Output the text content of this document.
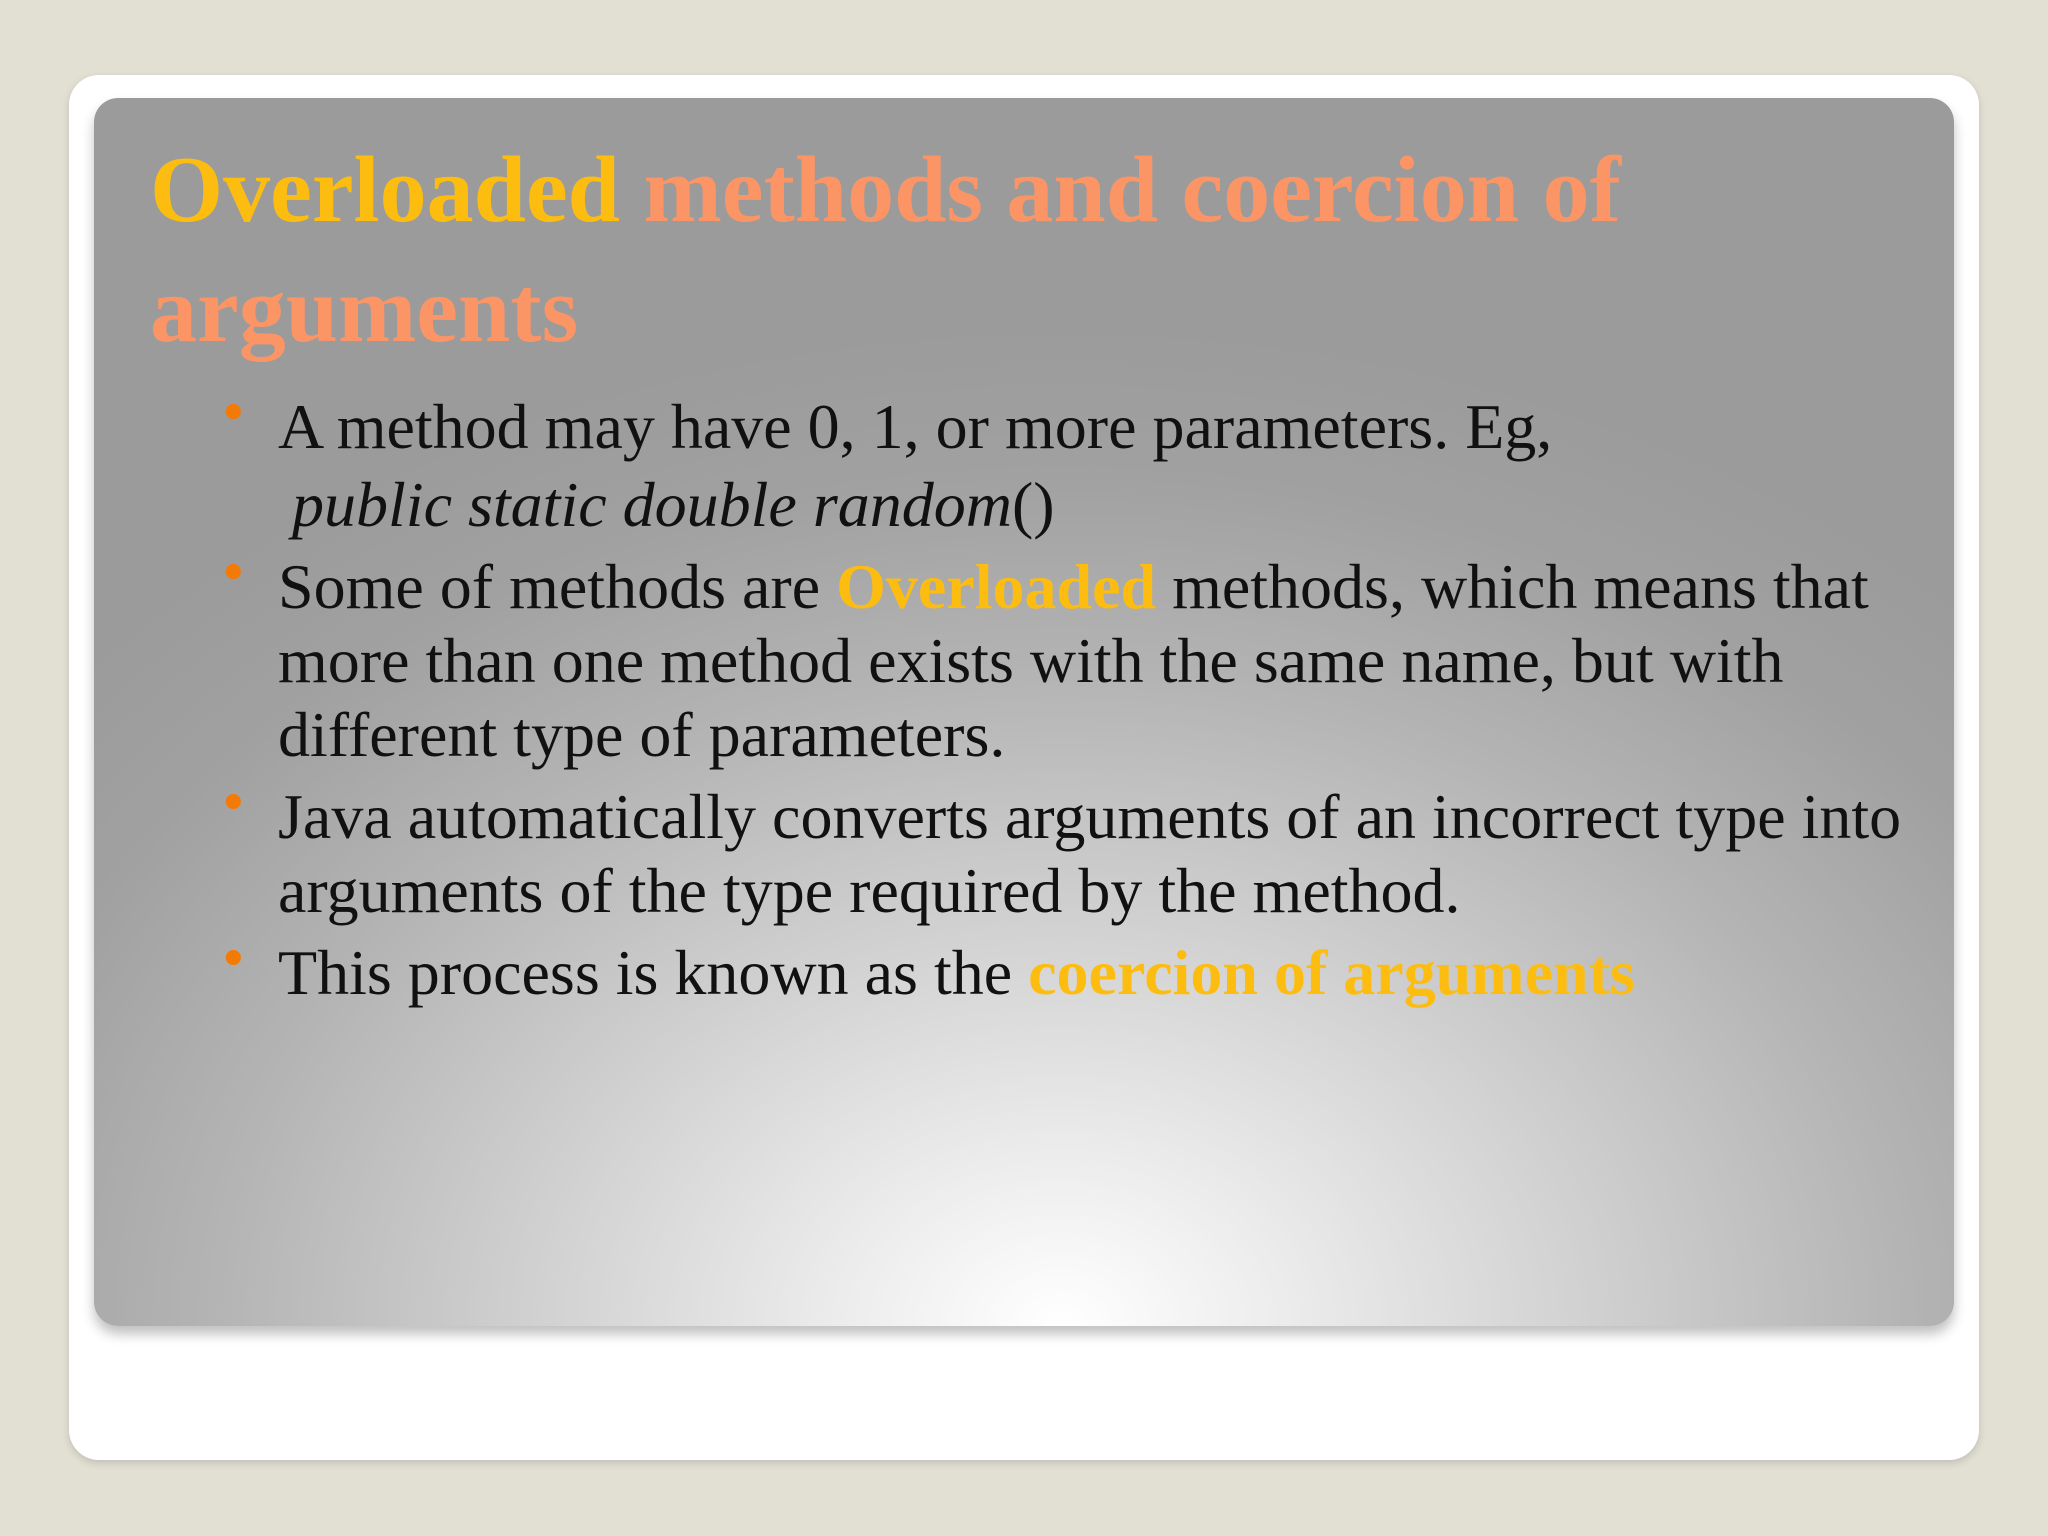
Overloaded methods and coercion of arguments
• A method may have 0, 1, or more parameters. Eg,
public static double random()
• Some of methods are Overloaded methods, which means that more than one method exists with the same name, but with different type of parameters.
• Java automatically converts arguments of an incorrect type into arguments of the type required by the method.
• This process is known as the coercion of arguments
